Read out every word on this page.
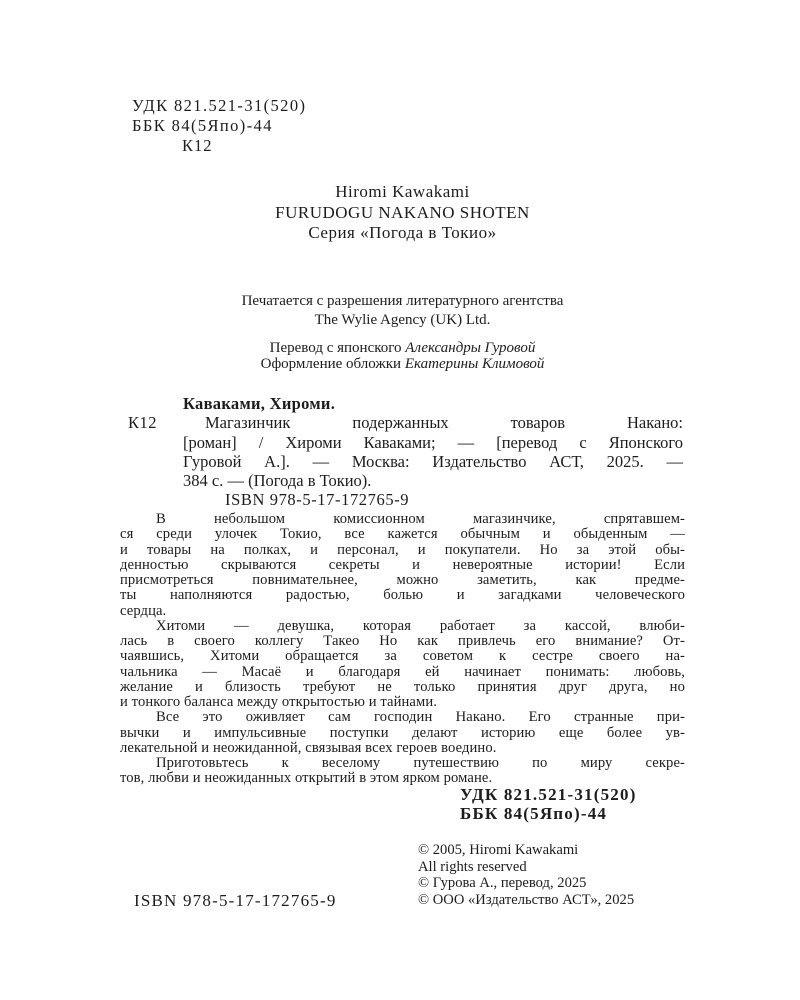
УДК 821.521-31(520)
ББК 84(5Япо)-44
К12
Hiromi Kawakami
FURUDOGU NAKANO SHOTEN
Серия «Погода в Токио»
Печатается с разрешения литературного агентства
The Wylie Agency (UK) Ltd.
Перевод с японского Александры Гуровой
Оформление обложки Екатерины Климовой
Каваками, Хироми.
К12	Магазинчик подержанных товаров Накано:
[роман] / Хироми Каваками; — [перевод с Японского
Гуровой А.]. — Москва: Издательство АСТ, 2025. —
384 с. — (Погода в Токио).
ISBN 978-5-17-172765-9
В небольшом комиссионном магазинчике, спрятавшем-
ся среди улочек Токио, все кажется обычным и обыденным —
и товары на полках, и персонал, и покупатели. Но за этой обы-
денностью скрываются секреты и невероятные истории! Если
присмотреться повнимательнее, можно заметить, как предме-
ты наполняются радостью, болью и загадками человеческого
сердца.
Хитоми — девушка, которая работает за кассой, влюби-
лась в своего коллегу Такео Но как привлечь его внимание? От-
чаявшись, Хитоми обращается за советом к сестре своего на-
чальника — Масаё и благодаря ей начинает понимать: любовь,
желание и близость требуют не только принятия друг друга, но
и тонкого баланса между открытостью и тайнами.
Все это оживляет сам господин Накано. Его странные при-
вычки и импульсивные поступки делают историю еще более ув-
лекательной и неожиданной, связывая всех героев воедино.
Приготовьтесь к веселому путешествию по миру секре-
тов, любви и неожиданных открытий в этом ярком романе.
УДК 821.521-31(520)
ББК 84(5Япо)-44
© 2005, Hiromi Kawakami
All rights reserved
© Гурова А., перевод, 2025
© ООО «Издательство АСТ», 2025
ISBN 978-5-17-172765-9
